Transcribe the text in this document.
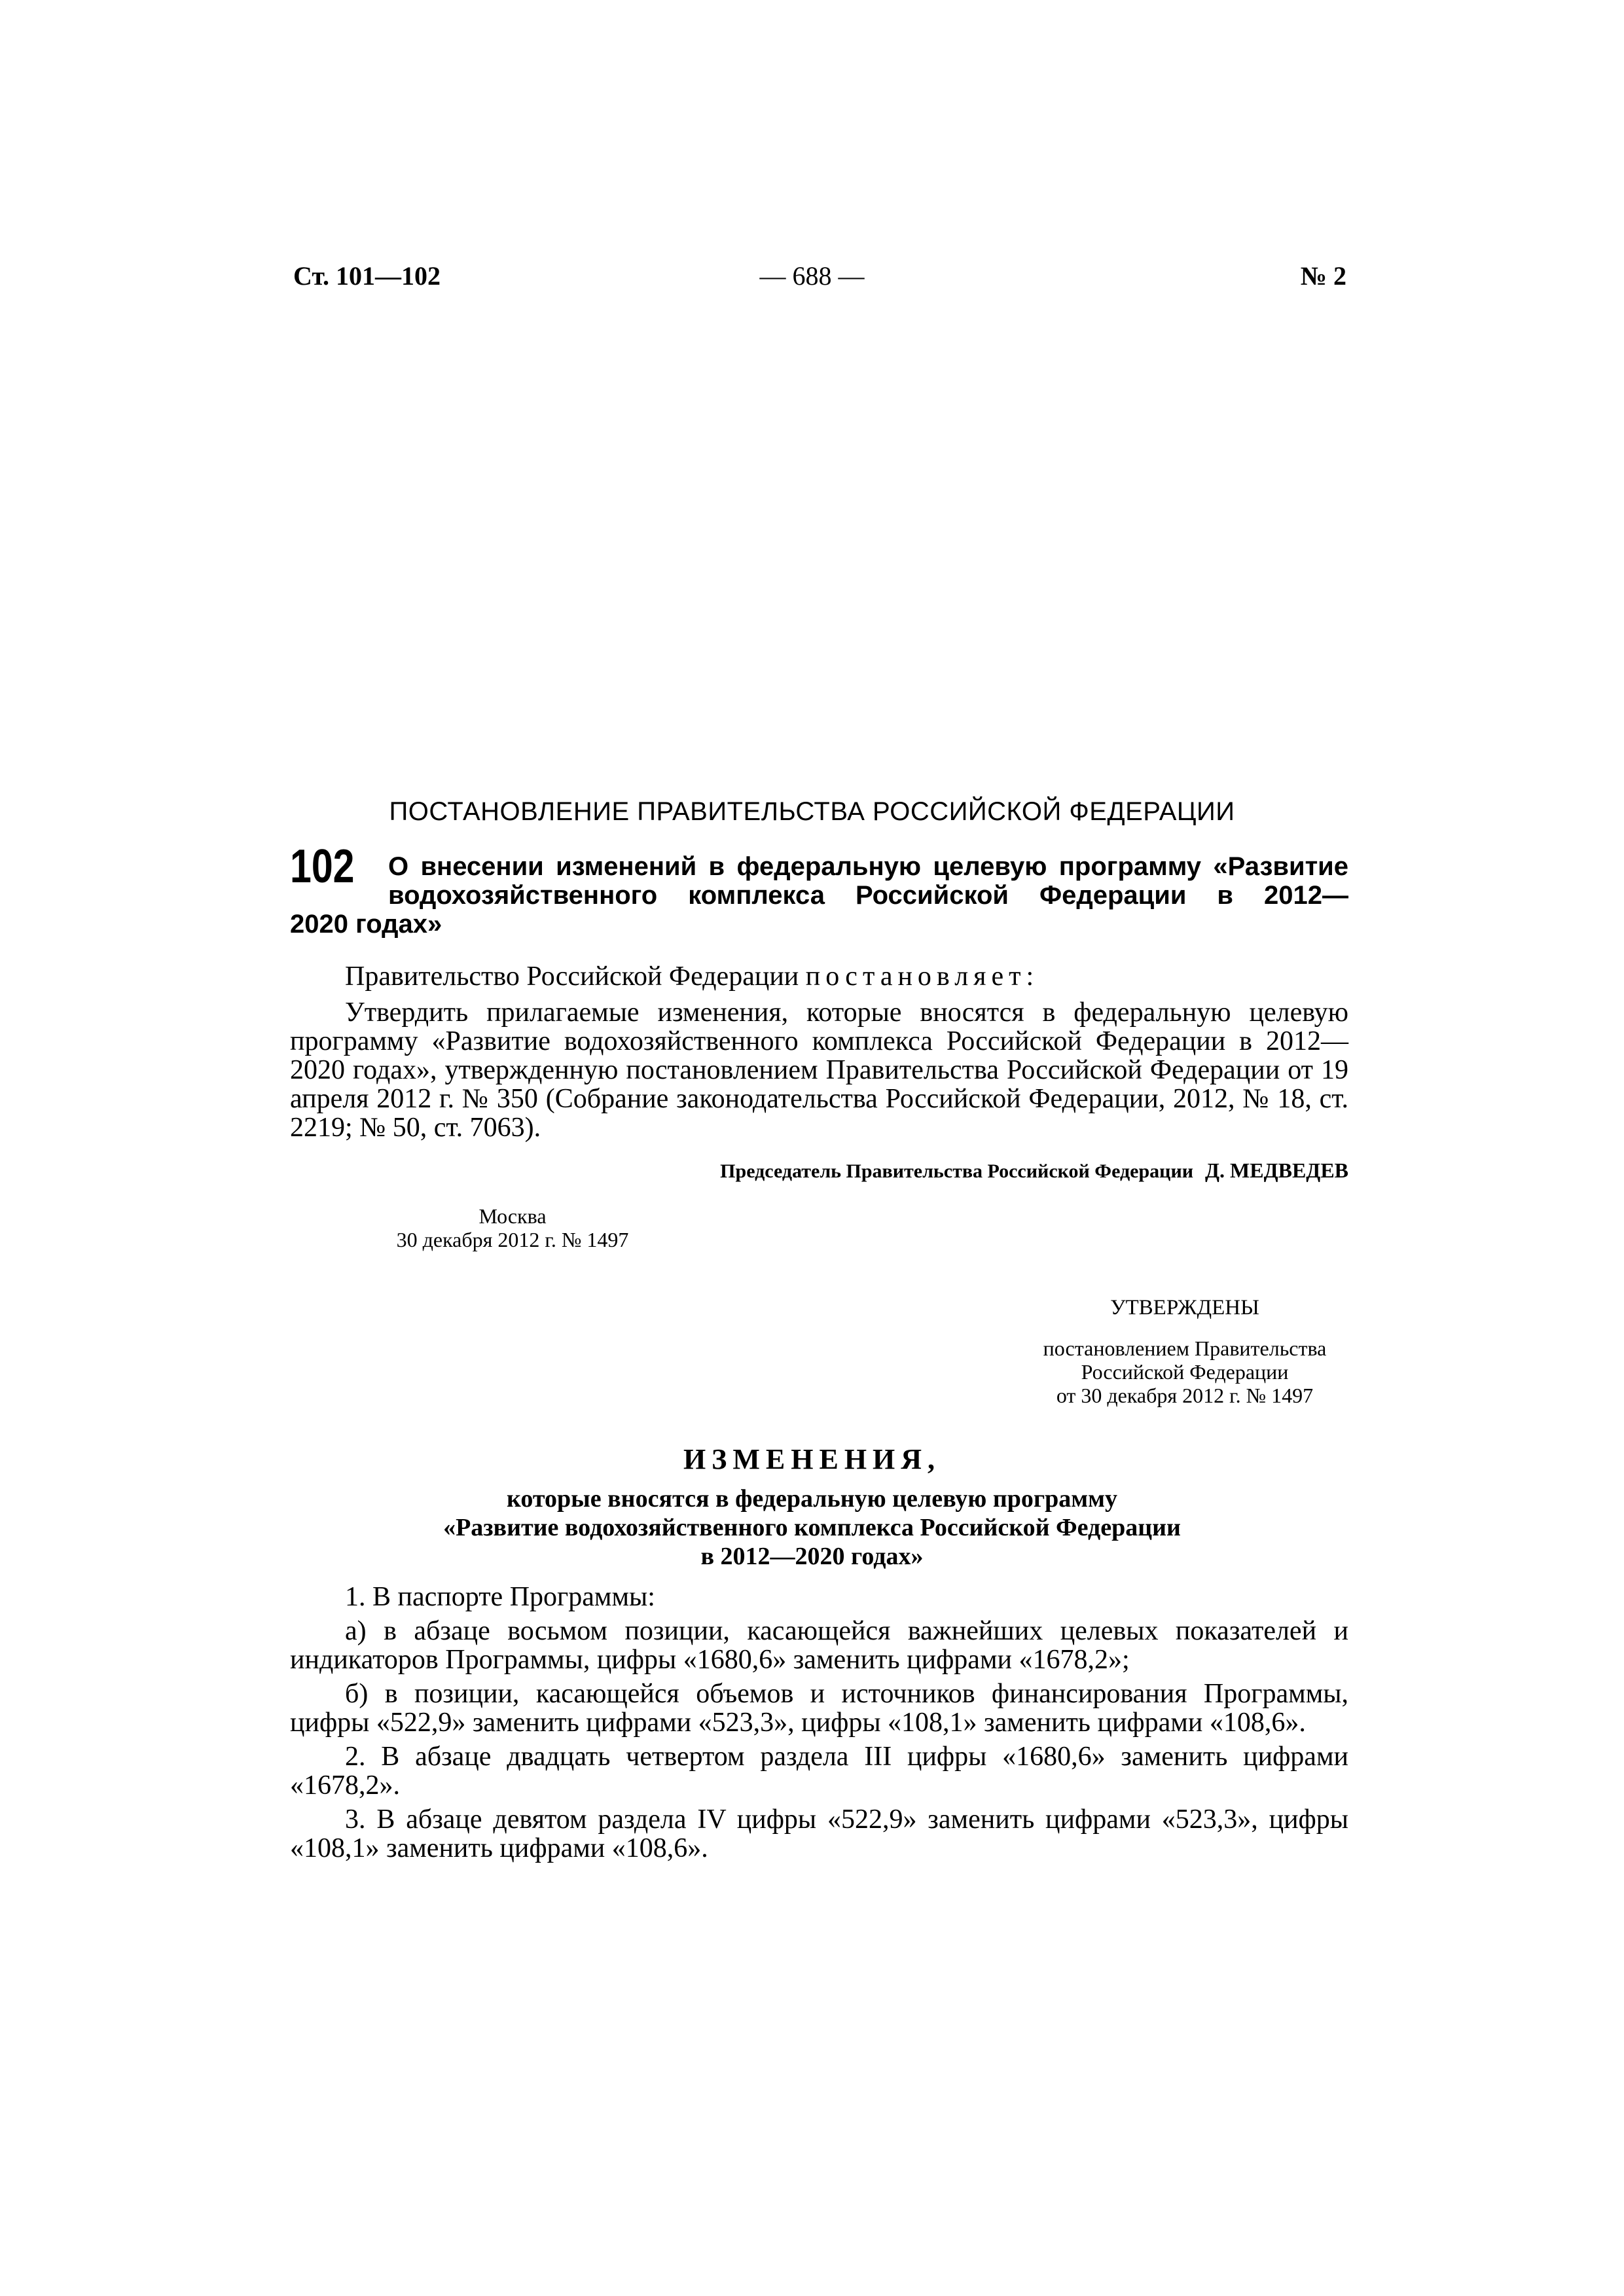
Ст. 101—102	— 688 —	№ 2
ПОСТАНОВЛЕНИЕ ПРАВИТЕЛЬСТВА РОССИЙСКОЙ ФЕДЕРАЦИИ
102 О внесении изменений в федеральную целевую программу «Развитие
водохозяйственного комплекса Российской Федерации в 2012—
2020 годах»
Правительство Российской Федерации постановляет:
Утвердить прилагаемые изменения, которые вносятся в федеральную целевую программу «Развитие водохозяйственного комплекса Российской Федерации в 2012—2020 годах», утвержденную постановлением Правительства Российской Федерации от 19 апреля 2012 г. № 350 (Собрание законодательства Российской Федерации, 2012, № 18, ст. 2219; № 50, ст. 7063).
Председатель Правительства Российской Федерации Д. МЕДВЕДЕВ
Москва
30 декабря 2012 г. № 1497
УТВЕРЖДЕНЫ
постановлением Правительства
Российской Федерации
от 30 декабря 2012 г. № 1497
ИЗМЕНЕНИЯ,
которые вносятся в федеральную целевую программу
«Развитие водохозяйственного комплекса Российской Федерации
в 2012—2020 годах»

1. В паспорте Программы:

а) в абзаце восьмом позиции, касающейся важнейших целевых показателей и индикаторов Программы, цифры «1680,6» заменить цифрами «1678,2»;

б) в позиции, касающейся объемов и источников финансирования Программы, цифры «522,9» заменить цифрами «523,3», цифры «108,1» заменить цифрами «108,6».

2. В абзаце двадцать четвертом раздела III цифры «1680,6» заменить цифрами «1678,2».

3. В абзаце девятом раздела IV цифры «522,9» заменить цифрами «523,3», цифры «108,1» заменить цифрами «108,6».
